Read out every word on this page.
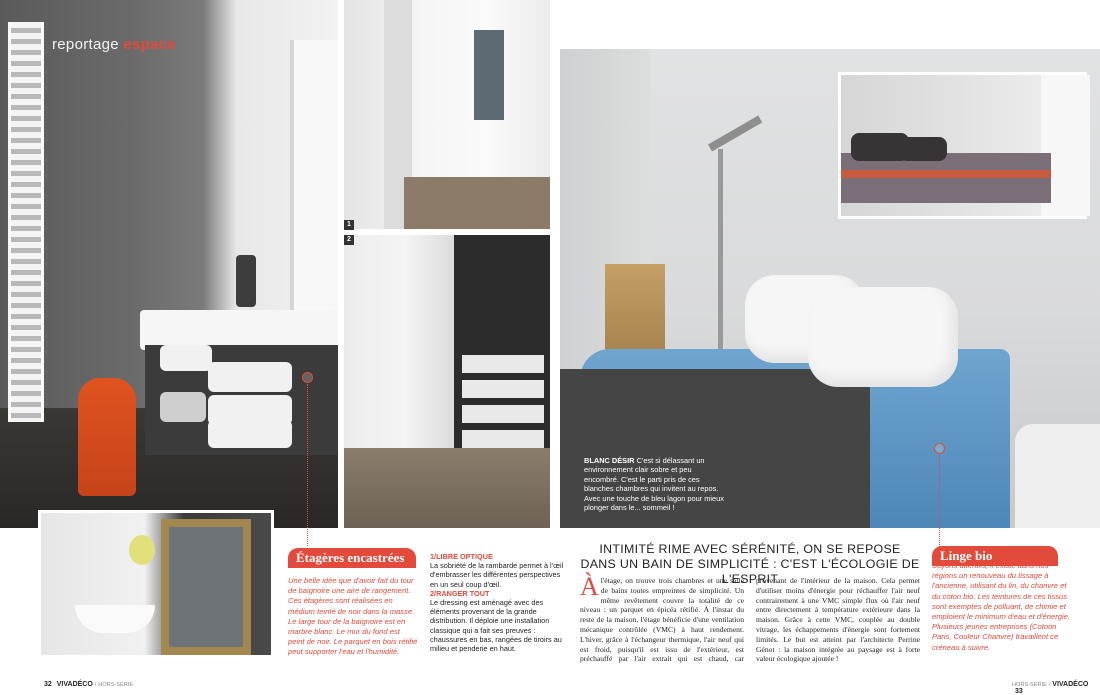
reportage espace
1
2
BLANC DÉSIR C'est si délassant un environnement clair sobre et peu encombré. C'est le parti pris de ces blanches chambres qui invitent au repos. Avec une touche de bleu lagon pour mieux plonger dans le... sommeil !
Étagères encastrées
Une belle idée que d'avoir fait du tour de baignoire une aire de rangement. Ces étagères sont réalisées en médium teinté de noir dans la masse. Le large tour de la baignoire est en marbre blanc. Le mur du fond est peint de noir. Le parquet en bois rétifié peut supporter l'eau et l'humidité.
1/LIBRE OPTIQUE
La sobriété de la rambarde permet à l'œil d'embrasser les différentes perspectives en un seul coup d'œil.
2/RANGER TOUT
Le dressing est aménagé avec des éléments provenant de la grande distribution. Il déploie une installation classique qui a fait ses preuves : chaussures en bas, rangées de tiroirs au milieu et penderie en haut.
INTIMITÉ RIME AVEC SÉRÉNITÉ, ON SE REPOSE DANS UN BAIN DE SIMPLICITÉ : C'EST L'ÉCOLOGIE DE L'ESPRIT
Àl'étage, on trouve trois chambres et une salle de bains toutes empreintes de simplicité. Un même revêtement couvre la totalité de ce niveau : un parquet en épicéa rétifié. À l'instar du reste de la maison, l'étage bénéficie d'une ventilation mécanique contrôlée (VMC) à haut rendement. L'hiver, grâce à l'échangeur thermique, l'air neuf qui est froid, puisqu'il est issu de l'extérieur, est préchauffé par l'air extrait qui est chaud, car provenant de l'intérieur de la maison. Cela permet d'utiliser moins d'énergie pour réchauffer l'air neuf contrairement à une VMC simple flux où l'air neuf entre directement à température extérieure dans la maison. Grâce à cette VMC, couplée au double vitrage, les échappements d'énergie sont fortement limités. Le but est atteint par l'architecte Perrine Génot : la maison intégrée au paysage est à forte valeur écologique ajoutée !
Linge bio
Soyons attentifs, il existe dans nos régions un renouveau du tissage à l'ancienne, utilisant du lin, du chanvre et du coton bio. Les teintures de ces tissus sont exemptes de polluant, de chimie et emploient le minimum d'eau et d'énergie. Plusieurs jeunes entreprises (Cotoon Paris, Couleur Chanvre) travaillent ce créneau à suivre.
32 VIVADÉCO / HORS-SÉRIE	HORS-SÉRIE / VIVADÉCO 33
